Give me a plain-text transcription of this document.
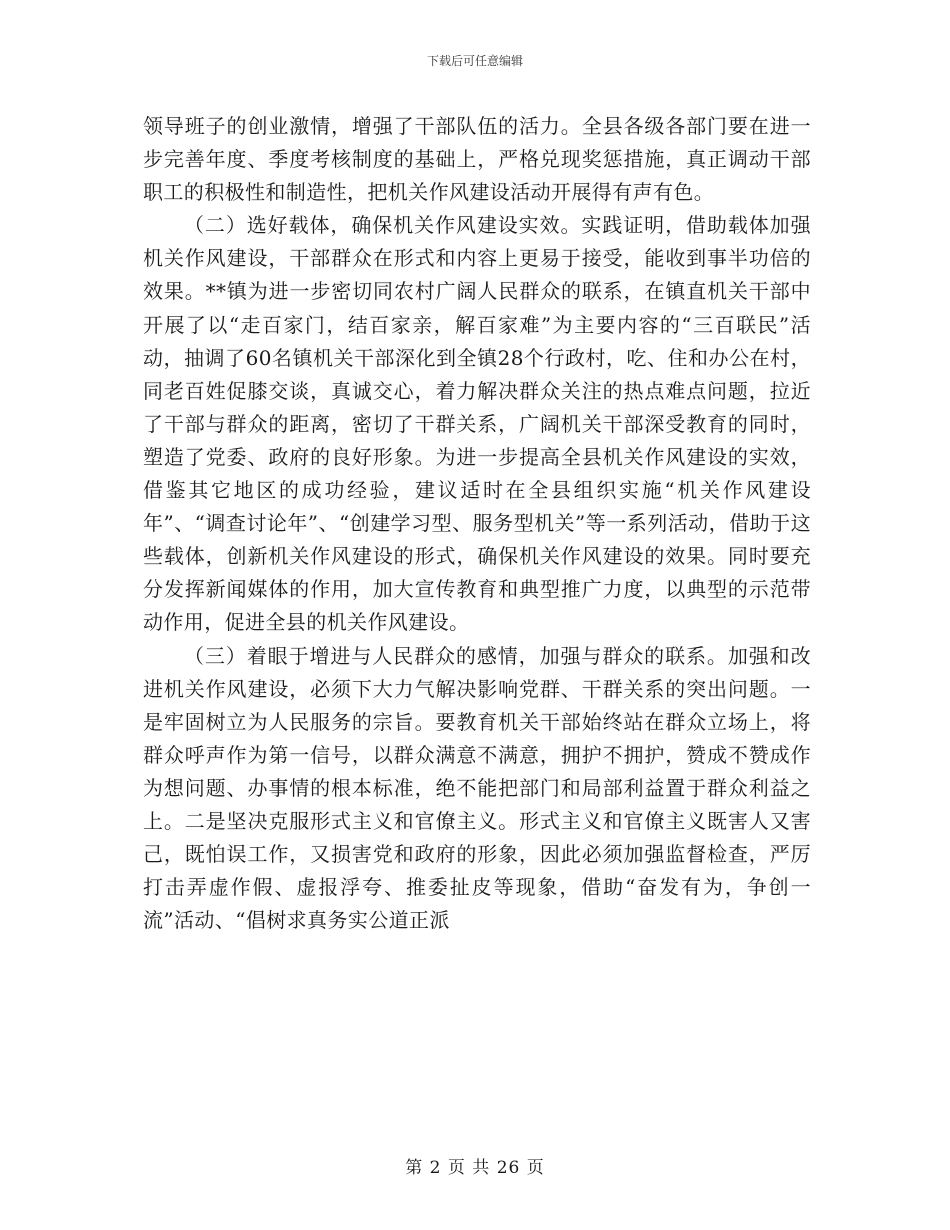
下载后可任意编辑

领导班子的创业激情，增强了干部队伍的活力。全县各级各部门要在进一步完善年度、季度考核制度的基础上，严格兑现奖惩措施，真正调动干部职工的积极性和制造性，把机关作风建设活动开展得有声有色。

（二）选好载体，确保机关作风建设实效。实践证明，借助载体加强机关作风建设，干部群众在形式和内容上更易于接受，能收到事半功倍的效果。**镇为进一步密切同农村广阔人民群众的联系，在镇直机关干部中开展了以“走百家门，结百家亲，解百家难”为主要内容的“三百联民”活动，抽调了60名镇机关干部深化到全镇28个行政村，吃、住和办公在村，同老百姓促膝交谈，真诚交心，着力解决群众关注的热点难点问题，拉近了干部与群众的距离，密切了干群关系，广阔机关干部深受教育的同时，塑造了党委、政府的良好形象。为进一步提高全县机关作风建设的实效，借鉴其它地区的成功经验，建议适时在全县组织实施“机关作风建设年”、“调查讨论年”、“创建学习型、服务型机关”等一系列活动，借助于这些载体，创新机关作风建设的形式，确保机关作风建设的效果。同时要充分发挥新闻媒体的作用，加大宣传教育和典型推广力度，以典型的示范带动作用，促进全县的机关作风建设。

（三）着眼于增进与人民群众的感情，加强与群众的联系。加强和改进机关作风建设，必须下大力气解决影响党群、干群关系的突出问题。一是牢固树立为人民服务的宗旨。要教育机关干部始终站在群众立场上，将群众呼声作为第一信号，以群众满意不满意，拥护不拥护，赞成不赞成作为想问题、办事情的根本标准，绝不能把部门和局部利益置于群众利益之上。二是坚决克服形式主义和官僚主义。形式主义和官僚主义既害人又害己，既怕误工作，又损害党和政府的形象，因此必须加强监督检查，严厉打击弄虚作假、虚报浮夸、推委扯皮等现象，借助“奋发有为，争创一流”活动、“倡树求真务实公道正派

第 2 页 共 26 页
